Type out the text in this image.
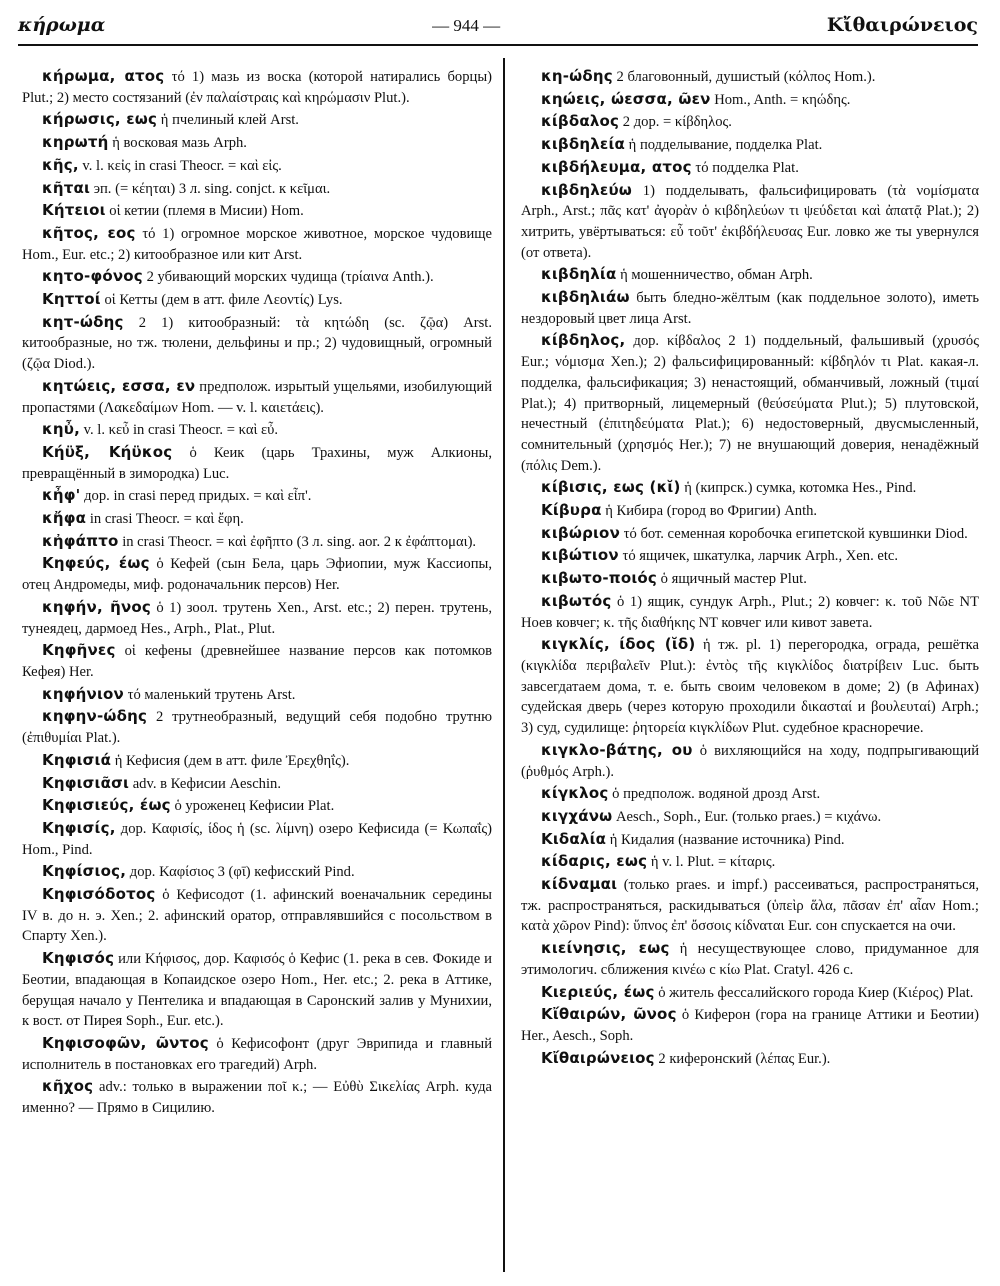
κήρωμα	— 944 —	Κἴθαιρώνειος
κήρωμα, ατος τό 1) мазь из воска (которой натирались борцы) Plut.; 2) место состязаний (ἐν παλαίστραις καὶ κηρώμασιν Plut.).
κήρωσις, εως ἡ пчелиный клей Arst.
κηρωτή ἡ восковая мазь Arph.
κῆς, v. l. κεἰς in crasi Theocr. = καὶ εἰς.
κῆται эп. (= κέηται) 3 л. sing. conjct. к κεῖμαι.
Κήτειοι οἱ кетии (племя в Мисии) Hom.
κῆτος, εος τό 1) огромное морское животное, морское чудовище Hom., Eur. etc.; 2) китообразное или кит Arst.
κητο-φόνος 2 убивающий морских чудища (τρίαινα Anth.).
Κηττοί οἱ Кетты (дем в атт. филе Λεοντίς) Lys.
κητ-ώδης 2 1) китообразный: τὰ κητώδη (sc. ζῷα) Arst. китообразные, но тж. тюлени, дельфины и пр.; 2) чудовищный, огромный (ζῷα Diod.).
κητώεις, εσσα, εν предполож. изрытый ущельями, изобилующий пропастями (Λακεδαίμων Hom. — v. l. καιετάεις).
κηὖ, v. l. κεὖ in crasi Theocr. = καὶ εὖ.
Κήϋξ, Κήϋκος ὁ Кеик (царь Трахины, муж Алкионы, превращённый в зимородка) Luc.
κἦφ' дор. in crasi перед придых. = καὶ εἶπ'.
κἤφα in crasi Theocr. = καὶ ἔφη.
κἠφάπτο in crasi Theocr. = καὶ ἐφῆπτο (3 л. sing. aor. 2 к ἐφάπτομαι).
Κηφεύς, έως ὁ Кефей (сын Бела, царь Эфиопии, муж Кассиопы, отец Андромеды, миф. родоначальник персов) Her.
κηφήν, ῆνος ὁ 1) зоол. трутень Xen., Arst. etc.; 2) перен. трутень, тунеядец, дармоед Hes., Arph., Plat., Plut.
Κηφῆνες οἱ кефены (древнейшее название персов как потомков Кефея) Her.
κηφήνιον τό маленький трутень Arst.
κηφην-ώδης 2 трутнеобразный, ведущий себя подобно трутню (ἐπιθυμίαι Plat.).
Κηφισιά ἡ Кефисия (дем в атт. филе Ἐρεχθηΐς).
Κηφισιᾶσι adv. в Кефисии Aeschin.
Κηφισιεύς, έως ὁ уроженец Кефисии Plat.
Κηφισίς, дор. Καφισίς, ίδος ἡ (sc. λίμνη) озеро Кефисида (= Κωπαΐς) Hom., Pind.
Κηφίσιος, дор. Καφίσιος 3 (φῑ) кефисский Pind.
Κηφισόδοτος ὁ Кефисодот (1. афинский военачальник середины IV в. до н. э. Xen.; 2. афинский оратор, отправлявшийся с посольством в Спарту Xen.).
Κηφισός или Κήφισος, дор. Καφισός ὁ Кефис (1. река в сев. Фокиде и Беотии, впадающая в Копаидское озеро Hom., Her. etc.; 2. река в Аттике, берущая начало у Пентелика и впадающая в Саронский залив у Мунихии, к вост. от Пирея Soph., Eur. etc.).
Κηφισοφῶν, ῶντος ὁ Кефисофонт (друг Эврипида и главный исполнитель в постановках его трагедий) Arph.
κῆχος adv.: только в выражении ποῖ κ.; — Εὐθὺ Σικελίας Arph. куда именно? — Прямо в Сицилию.
κη-ώδης 2 благовонный, душистый (κόλπος Hom.).
κηώεις, ώεσσα, ῶεν Hom., Anth. = κηώδης.
κίβδαλος 2 дор. = κίβδηλος.
κιβδηλεία ἡ подделывание, подделка Plat.
κιβδήλευμα, ατος τό подделка Plat.
κιβδηλεύω 1) подделывать, фальсифицировать (τὰ νομίσματα Arph., Arst.; πᾶς κατ' ἀγορὰν ὁ κιβδηλεύων τι ψεύδεται καὶ ἀπατᾷ Plat.); 2) хитрить, увёртываться: εὖ τοῦτ' ἐκιβδήλευσας Eur. ловко же ты увернулся (от ответа).
κιβδηλία ἡ мошенничество, обман Arph.
κιβδηλιάω быть бледно-жёлтым (как поддельное золото), иметь нездоровый цвет лица Arst.
κίβδηλος, дор. κίβδαλος 2 1) поддельный, фальшивый (χρυσός Eur.; νόμισμα Xen.); 2) фальсифицированный: κίβδηλόν τι Plat. какая-л. подделка, фальсификация; 3) ненастоящий, обманчивый, ложный (τιμαί Plat.); 4) притворный, лицемерный (θεύσεύματα Plut.); 5) плутовской, нечестный (ἐπιτηδεύματα Plat.); 6) недостоверный, двусмысленный, сомнительный (χρησμός Her.); 7) не внушающий доверия, ненадёжный (πόλις Dem.).
κίβισις, εως (κῐ) ἡ (кипрск.) сумка, котомка Hes., Pind.
Κίβυρα ἡ Кибира (город во Фригии) Anth.
κιβώριον τό бот. семенная коробочка египетской кувшинки Diod.
κιβώτιον τό ящичек, шкатулка, ларчик Arph., Xen. etc.
κιβωτο-ποιός ὁ ящичный мастер Plut.
κιβωτός ὁ 1) ящик, сундук Arph., Plut.; 2) ковчег: κ. τοῦ Νῶε NT Ноев ковчег; κ. τῆς διαθήκης NT ковчег или кивот завета.
κιγκλίς, ίδος (ῐδ) ἡ тж. pl. 1) перегородка, ограда, решётка (κιγκλίδα περιβαλεῖν Plut.): ἐντὸς τῆς κιγκλίδος διατρίβειν Luc. быть завсегдатаем дома, т. е. быть своим человеком в доме; 2) (в Афинах) судейская дверь (через которую проходили δικασταί и βουλευταί) Arph.; 3) суд, судилище: ῥητορεία κιγκλίδων Plut. судебное красноречие.
κιγκλο-βάτης, ου ὁ вихляющийся на ходу, подпрыгивающий (ῥυθμός Arph.).
κίγκλος ὁ предполож. водяной дрозд Arst.
κιγχάνω Aesch., Soph., Eur. (только praes.) = κιχάνω.
Κιδαλία ἡ Кидалия (название источника) Pind.
κίδαρις, εως ἡ v. l. Plut. = κίταρις.
κίδναμαι (только praes. и impf.) рассеиваться, распространяться, тж. распространяться, раскидываться (ὑπεὶρ ἅλα, πᾶσαν ἐπ' αἶαν Hom.; κατὰ χῶρον Pind): ὕπνος ἐπ' ὄσσοις κίδναται Eur. сон спускается на очи.
κιείνησις, εως ἡ несуществующее слово, придуманное для этимологич. сближения κινέω с κίω Plat. Cratyl. 426 c.
Κιεριεύς, έως ὁ житель фессалийского города Киер (Κιέρος) Plat.
Κἴθαιρών, ῶνος ὁ Киферон (гора на границе Аттики и Беотии) Her., Aesch., Soph.
Κἴθαιρώνειος 2 киферонский (λέπας Eur.).
